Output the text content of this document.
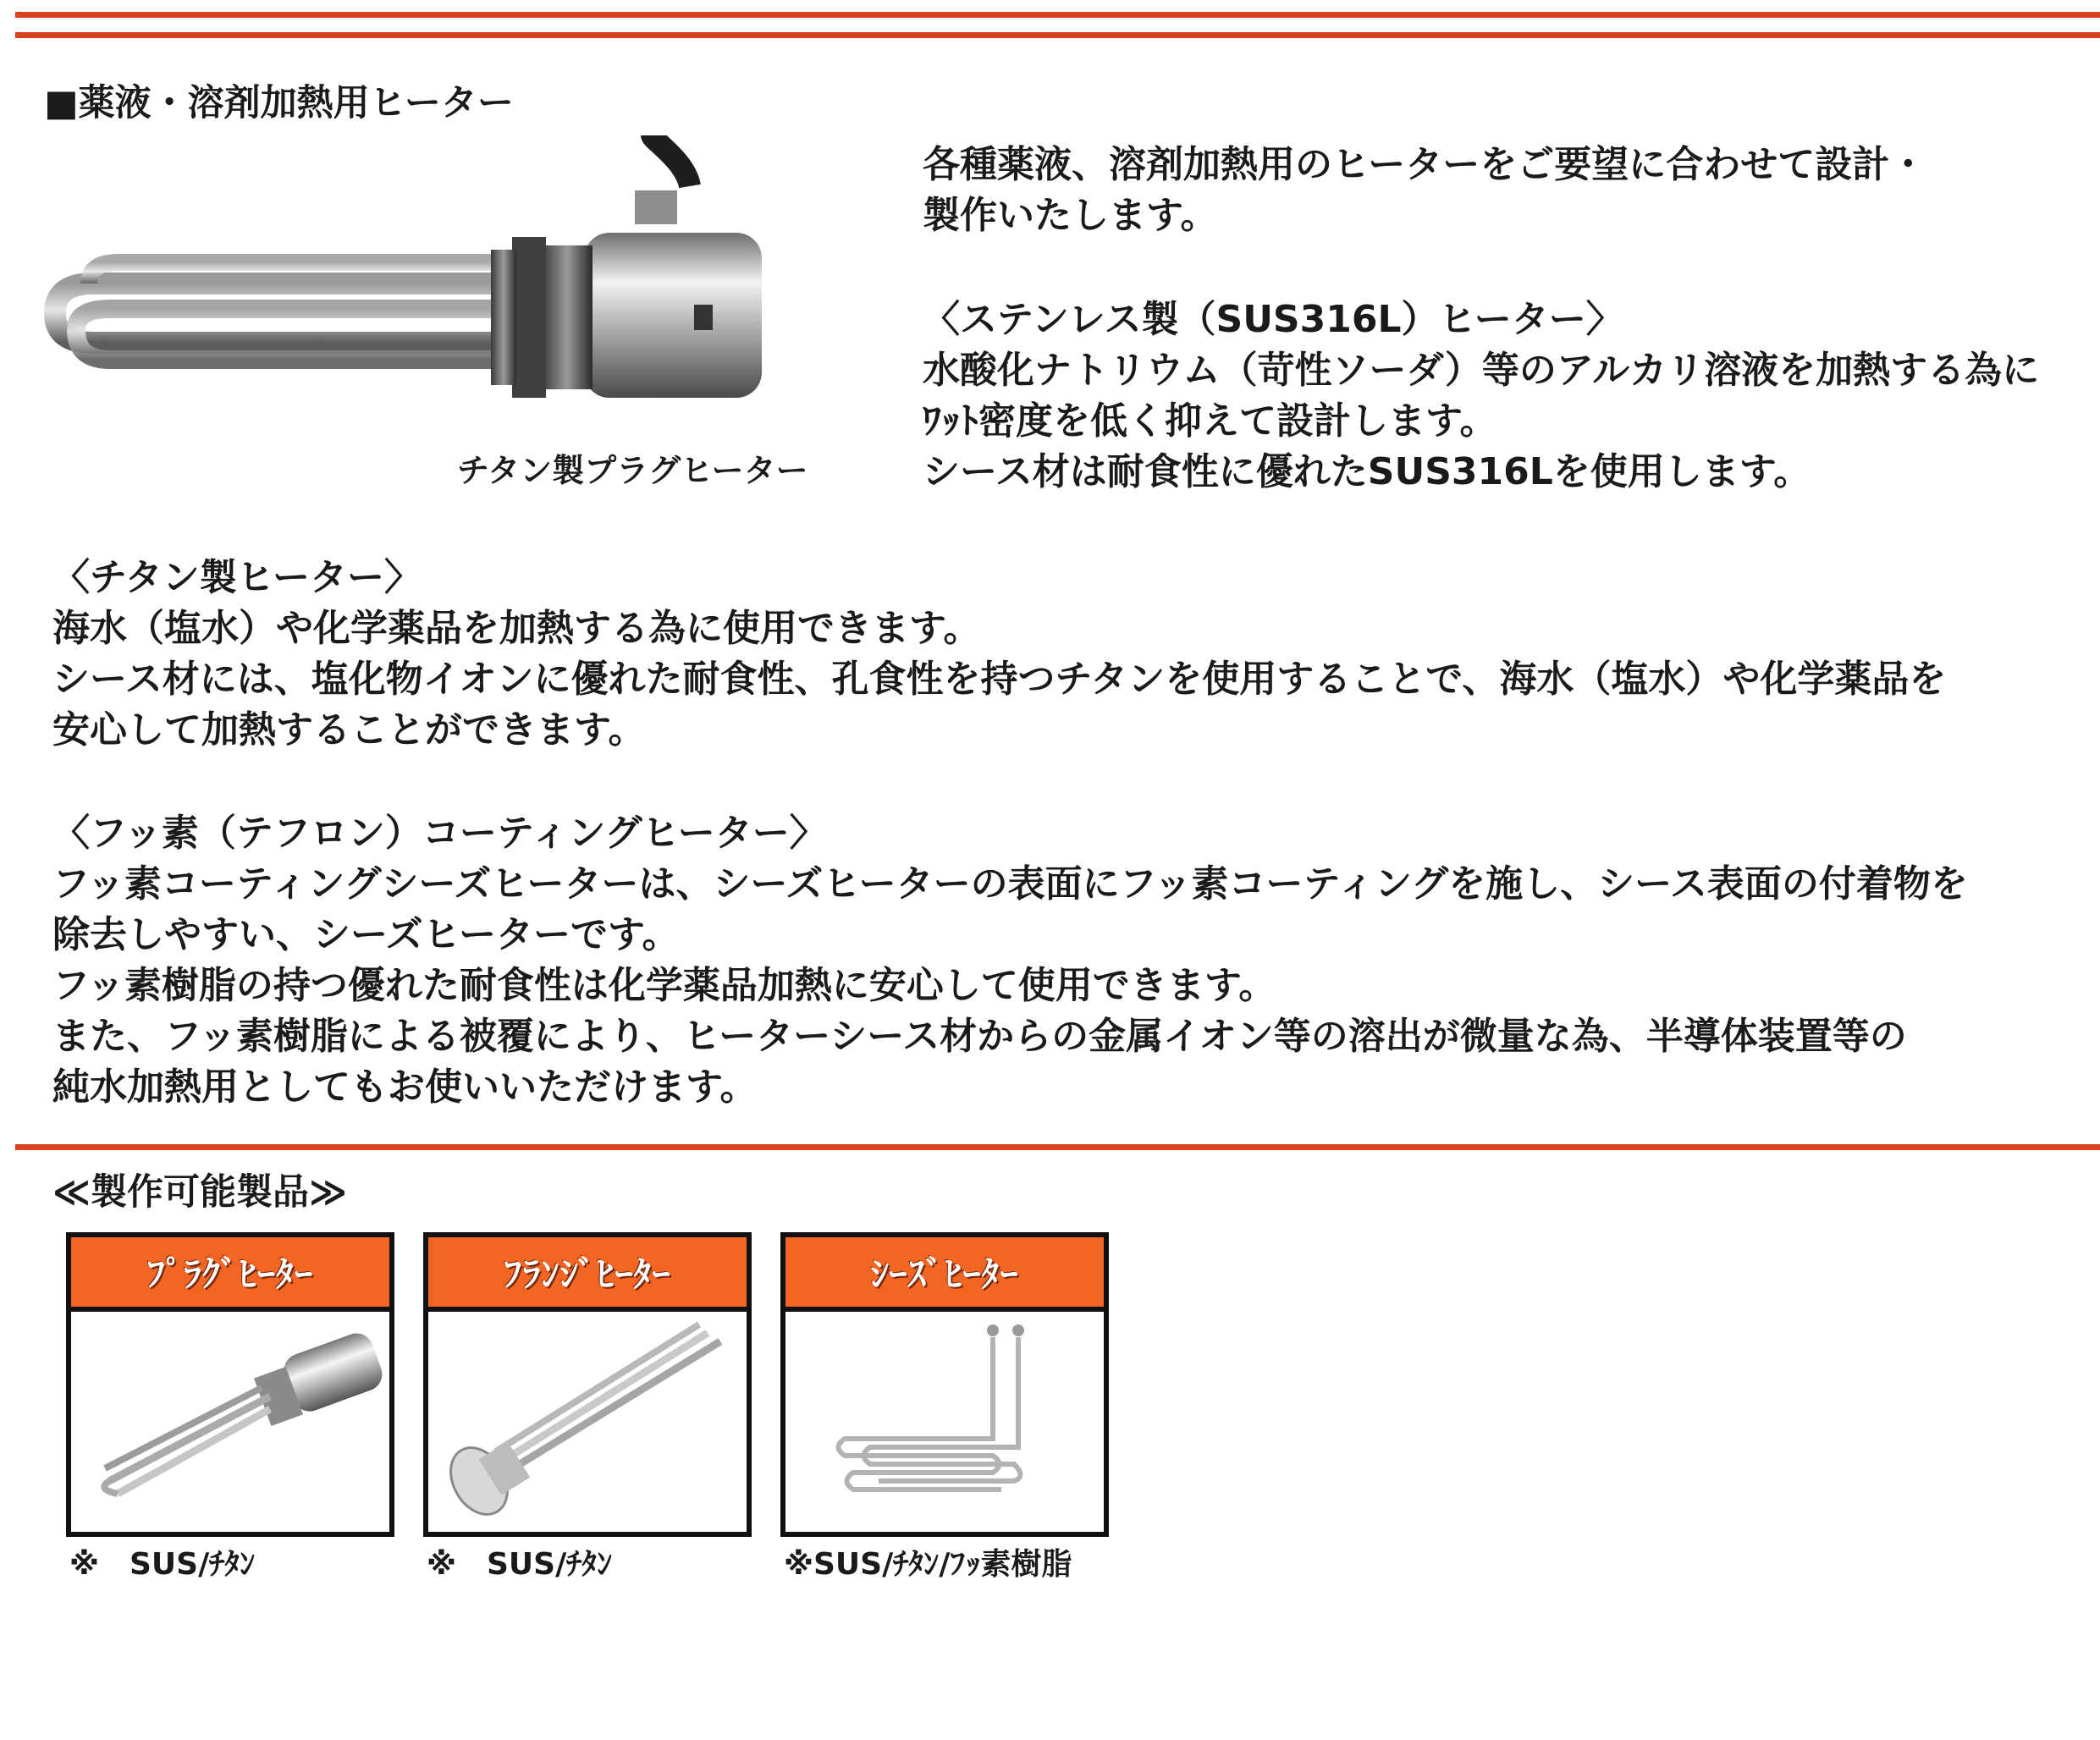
■薬液・溶剤加熱用ヒーター
チタン製プラグヒーター
各種薬液、溶剤加熱用のヒーターをご要望に合わせて設計・
製作いたします。
〈ステンレス製（SUS316L）ヒーター〉
水酸化ナトリウム（苛性ソーダ）等のアルカリ溶液を加熱する為に
ﾜｯﾄ密度を低く抑えて設計します。
シース材は耐食性に優れたSUS316Lを使用します。
〈チタン製ヒーター〉
海水（塩水）や化学薬品を加熱する為に使用できます。
シース材には、塩化物イオンに優れた耐食性、孔食性を持つチタンを使用することで、海水（塩水）や化学薬品を
安心して加熱することができます。
〈フッ素（テフロン）コーティングヒーター〉
フッ素コーティングシーズヒーターは、シーズヒーターの表面にフッ素コーティングを施し、シース表面の付着物を
除去しやすい、シーズヒーターです。
フッ素樹脂の持つ優れた耐食性は化学薬品加熱に安心して使用できます。
また、フッ素樹脂による被覆により、ヒーターシース材からの金属イオン等の溶出が微量な為、半導体装置等の
純水加熱用としてもお使いいただけます。
≪製作可能製品≫
ﾌﾟﾗｸﾞﾋｰﾀｰ
※　SUS/ﾁﾀﾝ
ﾌﾗﾝｼﾞﾋｰﾀｰ
※　SUS/ﾁﾀﾝ
ｼｰｽﾞﾋｰﾀｰ
※SUS/ﾁﾀﾝ/ﾌｯ素樹脂
